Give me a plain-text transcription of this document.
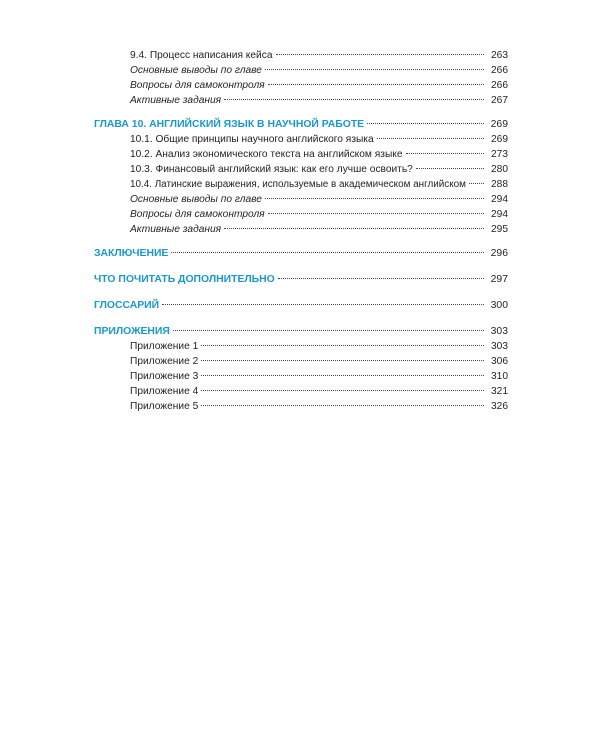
9.4. Процесс написания кейса	263
Основные выводы по главе	266
Вопросы для самоконтроля	266
Активные задания	267
ГЛАВА 10. АНГЛИЙСКИЙ ЯЗЫК В НАУЧНОЙ РАБОТЕ	269
10.1. Общие принципы научного английского языка	269
10.2. Анализ экономического текста на английском языке	273
10.3. Финансовый английский язык: как его лучше освоить?	280
10.4. Латинские выражения, используемые в академическом английском	288
Основные выводы по главе	294
Вопросы для самоконтроля	294
Активные задания	295
ЗАКЛЮЧЕНИЕ	296
ЧТО ПОЧИТАТЬ ДОПОЛНИТЕЛЬНО	297
ГЛОССАРИЙ	300
ПРИЛОЖЕНИЯ	303
Приложение 1	303
Приложение 2	306
Приложение 3	310
Приложение 4	321
Приложение 5	326
